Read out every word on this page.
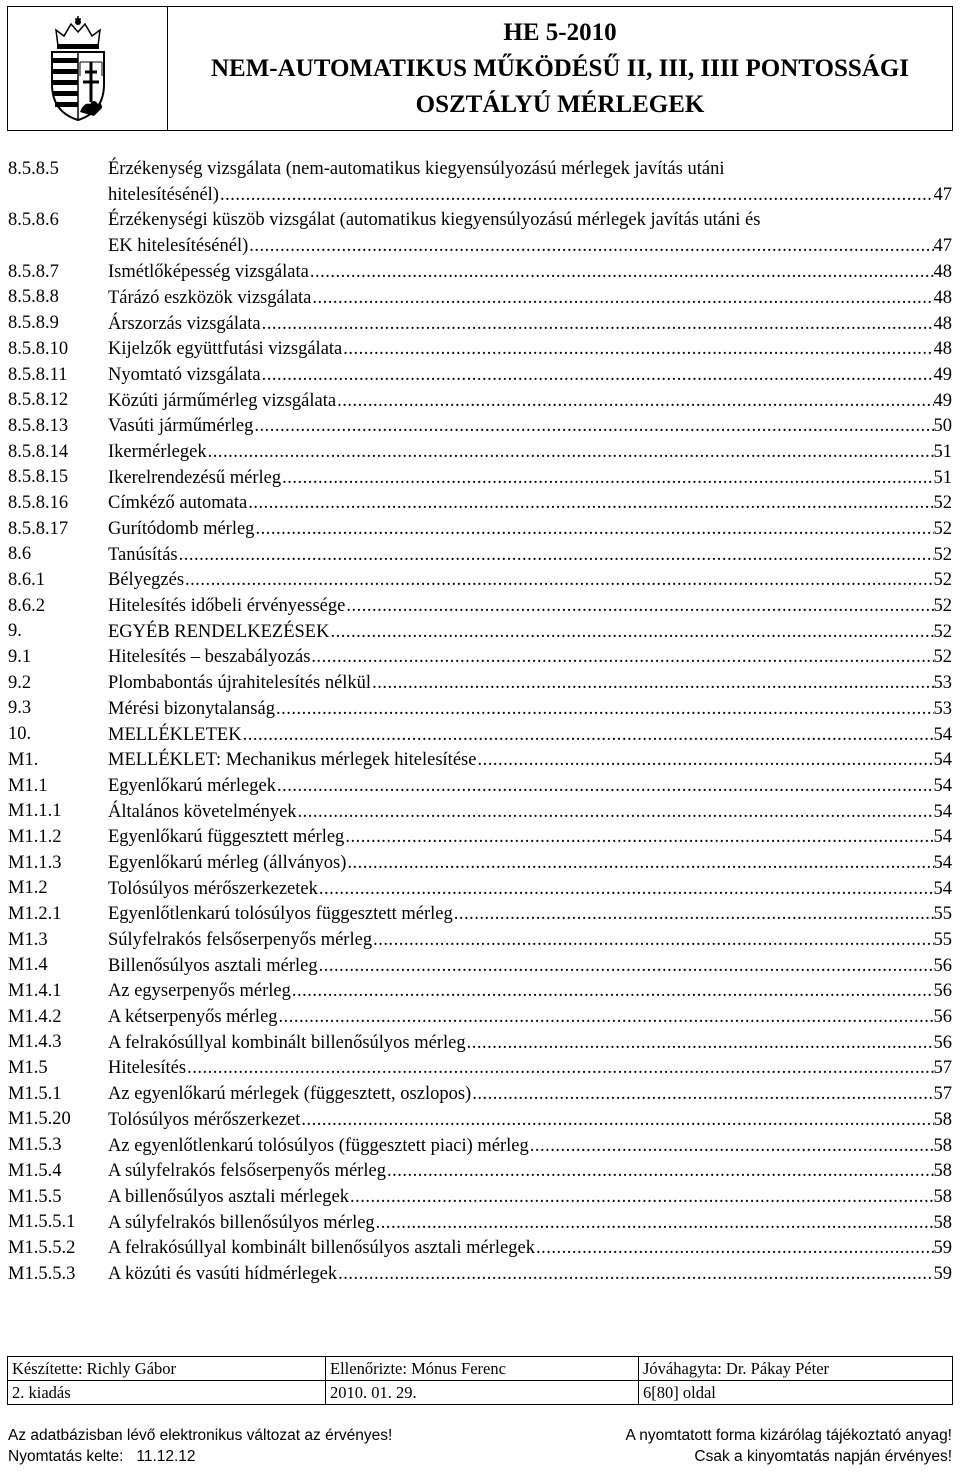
HE 5-2010
NEM-AUTOMATIKUS MŰKÖDÉSŰ II, III, IIII PONTOSSÁGI
OSZTÁLYÚ MÉRLEGEK
8.5.8.5	Érzékenység vizsgálata (nem-automatikus kiegyensúlyozású mérlegek javítás utáni
hitelesítésénél) .....	47
8.5.8.6	Érzékenységi küszöb vizsgálat (automatikus kiegyensúlyozású mérlegek javítás utáni és
EK hitelesítésénél) .....	47
8.5.8.7	Ismétlőképesség vizsgálata .....	48
8.5.8.8	Tárázó eszközök vizsgálata .....	48
8.5.8.9	Árszorzás vizsgálata .....	48
8.5.8.10	Kijelzők együttfutási vizsgálata .....	48
8.5.8.11	Nyomtató vizsgálata .....	49
8.5.8.12	Közúti járműmérleg vizsgálata .....	49
8.5.8.13	Vasúti járműmérleg .....	50
8.5.8.14	Ikermérlegek .....	51
8.5.8.15	Ikerelrendezésű mérleg .....	51
8.5.8.16	Címkéző automata .....	52
8.5.8.17	Gurítódomb mérleg .....	52
8.6	Tanúsítás .....	52
8.6.1	Bélyegzés .....	52
8.6.2	Hitelesítés időbeli érvényessége .....	52
9.	EGYÉB RENDELKEZÉSEK .....	52
9.1	Hitelesítés – beszabályozás .....	52
9.2	Plombabontás újrahitelesítés nélkül .....	53
9.3	Mérési bizonytalanság .....	53
10.	MELLÉKLETEK .....	54
M1.	MELLÉKLET: Mechanikus mérlegek hitelesítése .....	54
M1.1	Egyenlőkarú mérlegek .....	54
M1.1.1	Általános követelmények .....	54
M1.1.2	Egyenlőkarú függesztett mérleg .....	54
M1.1.3	Egyenlőkarú mérleg (állványos) .....	54
M1.2	Tolósúlyos mérőszerkezetek .....	54
M1.2.1	Egyenlőtlenkarú tolósúlyos függesztett mérleg .....	55
M1.3	Súlyfelrakós felsőserpenyős mérleg .....	55
M1.4	Billenősúlyos asztali mérleg .....	56
M1.4.1	Az egyserpenyős mérleg .....	56
M1.4.2	A kétserpenyős mérleg .....	56
M1.4.3	A felrakósúllyal kombinált billenősúlyos mérleg .....	56
M1.5	Hitelesítés .....	57
M1.5.1	Az egyenlőkarú mérlegek (függesztett, oszlopos) .....	57
M1.5.20	Tolósúlyos mérőszerkezet .....	58
M1.5.3	Az egyenlőtlenkarú tolósúlyos (függesztett piaci) mérleg .....	58
M1.5.4	A súlyfelrakós felsőserpenyős mérleg .....	58
M1.5.5	A billenősúlyos asztali mérlegek .....	58
M1.5.5.1	A súlyfelrakós billenősúlyos mérleg .....	58
M1.5.5.2	A felrakósúllyal kombinált billenősúlyos asztali mérlegek .....	59
M1.5.5.3	A közúti és vasúti hídmérlegek .....	59
Készítette: Richly Gábor	Ellenőrizte: Mónus Ferenc	Jóváhagyta: Dr. Pákay Péter
2. kiadás	2010. 01. 29.	6[80] oldal
Az adatbázisban lévő elektronikus változat az érvényes!	A nyomtatott forma kizárólag tájékoztató anyag!
Nyomtatás kelte:   11.12.12	Csak a kinyomtatás napján érvényes!
